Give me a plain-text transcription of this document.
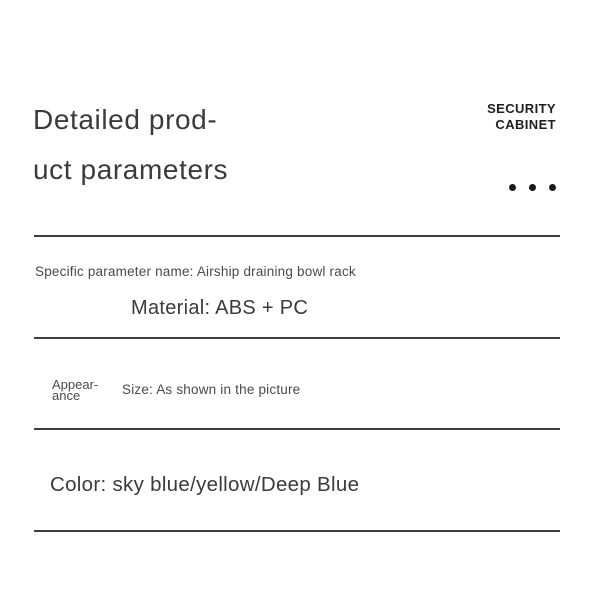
Detailed prod-
uct parameters
SECURITY
CABINET
Specific parameter name: Airship draining bowl rack
Material: ABS + PC
Appear-
ance	Size: As shown in the picture
Color: sky blue/yellow/Deep Blue
